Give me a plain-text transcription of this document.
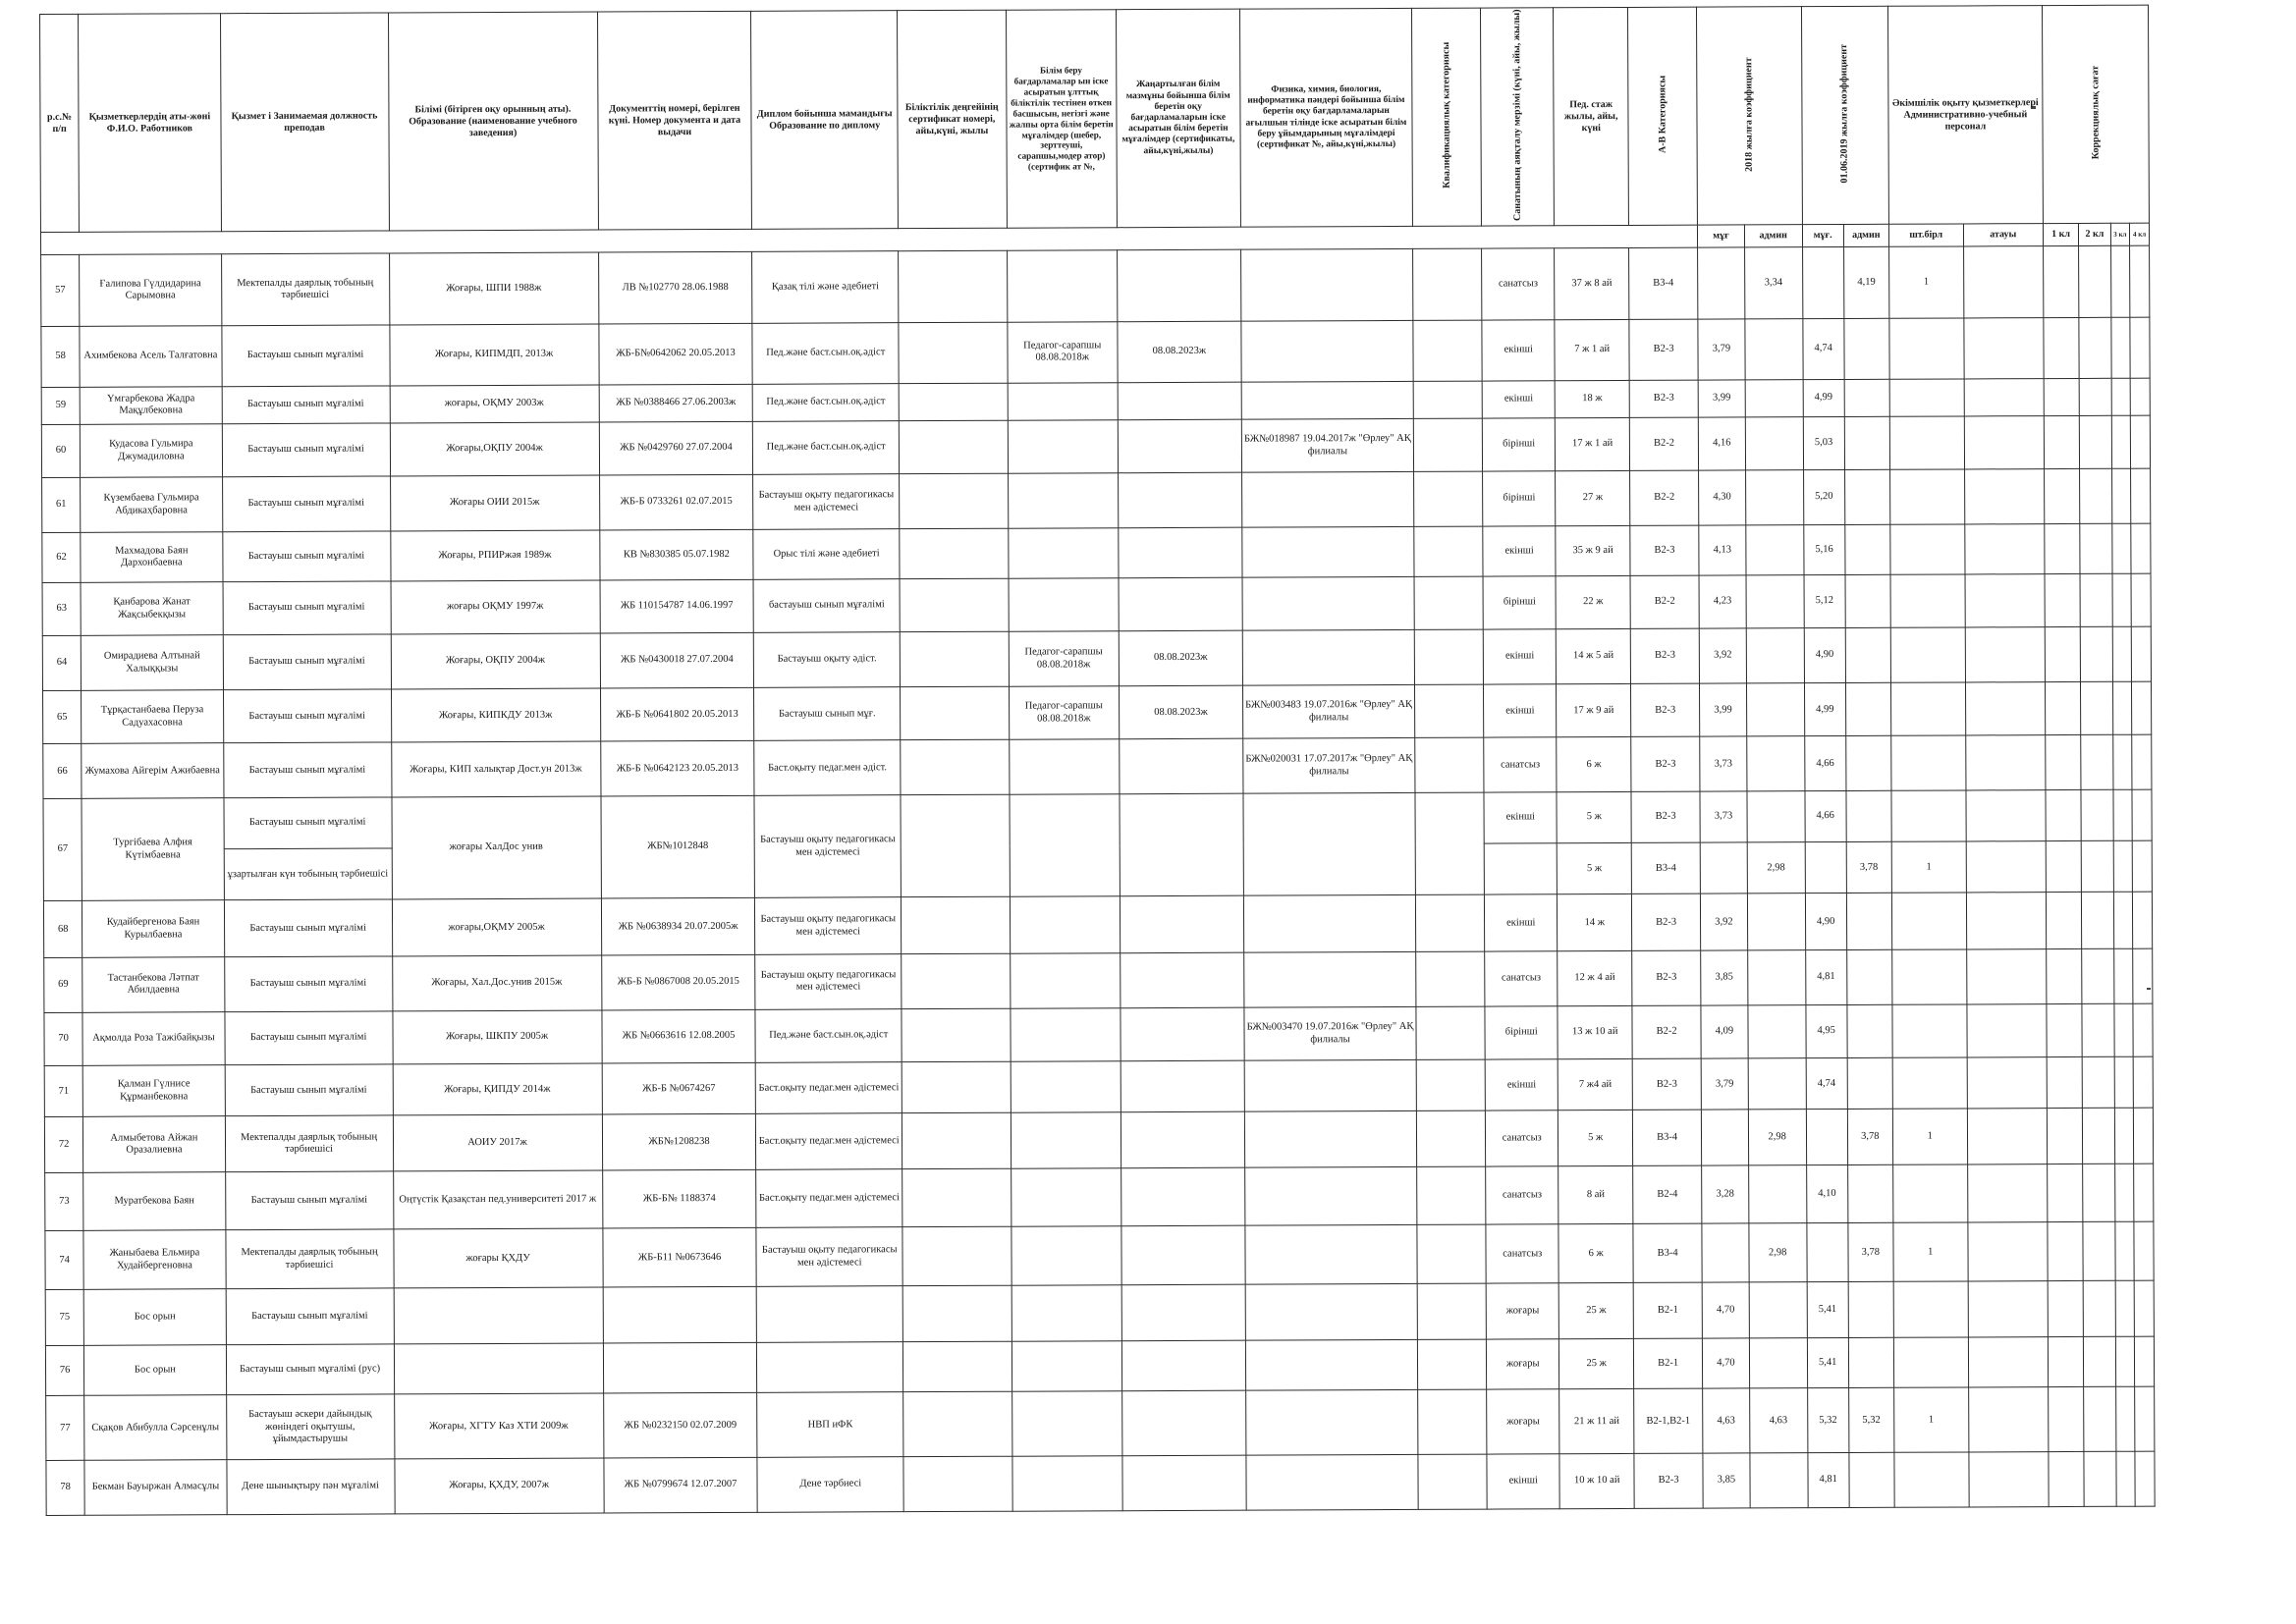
р.с.№ п/п	Қызметкерлердің аты-жөні Ф.И.О. Работников	Қызмет і Занимаемая должность преподав	Білімі (бітірген оқу орынның аты). Образование (наименование учебного заведения)	Документтің номері, берілген күні. Номер документа и дата выдачи	Диплом бойынша мамандығы Образование по диплому	Біліктілік деңгейінің сертификат номері, айы,күні, жылы	Білім беру бағдарламалар ын іске асыратын ұлттық біліктілік тестінен өткен басшысын, негізгі және жалпы орта білім беретін мұғалімдер (шебер, зерттеуші, сарапшы,модер атор)(сертифик ат №,	Жаңартылған білім мазмұны бойынша білім беретін оқу бағдарламаларын іске асыратын білім беретін мұғалімдер (сертификаты, айы,күні,жылы)	Физика, химия, биология, информатика пәндері бойынша білім беретін оқу бағдарламаларын ағылшын тілінде іске асыратын білім беру ұйымдарының мұғалімдері (сертификат №, айы,күні,жылы)	Квалификациялық категориясы	Санатының аяқталу мерзімі (күні, айы, жылы)	Пед. стаж жылы, айы, күні	А-В Категориясы	2018 жылға коэффициент		01.06.2019 жылға коэффициент		Әкімшілік оқыту қызметкерлері Административно-учебный персонал		Коррекциялық сағат			
														мұғ	админ	мұғ.	админ	шт.бірл	атауы	1 кл	2 кл	3 кл	4 кл
57	Ғалипова Гүлдидарина Сарымовна	Мектепалды даярлық тобының тәрбиешісі	Жоғары, ШПИ 1988ж	ЛВ №102770 28.06.1988	Қазақ тілі және әдебиеті						санатсыз	37 ж 8 ай	В3-4		3,34		4,19	1					
58	Ахимбекова Асель Талғатовна	Бастауыш сынып мұғалімі	Жоғары, КИПМДП, 2013ж	ЖБ-Б№0642062 20.05.2013	Пед.және баст.сын.оқ.әдіст		Педагог-сарапшы 08.08.2018ж	08.08.2023ж			екінші	7 ж 1 ай	В2-3	3,79		4,74							
59	Үмгарбекова Жадра Мақұлбековна	Бастауыш сынып мұғалімі	жоғары, ОҚМУ 2003ж	ЖБ №0388466 27.06.2003ж	Пед.және баст.сын.оқ.әдіст						екінші	18 ж	В2-3	3,99		4,99							
60	Кудасова Гульмира Джумадиловна	Бастауыш сынып мұғалімі	Жоғары,ОҚПУ 2004ж	ЖБ №0429760 27.07.2004	Пед.және баст.сын.оқ.әдіст				БЖ№018987 19.04.2017ж "Өрлеу" АҚ филиалы		бірінші	17 ж 1 ай	В2-2	4,16		5,03							
61	Күзембаева Гульмира Абдикаҳбаровна	Бастауыш сынып мұғалімі	Жоғары ОИИ 2015ж	ЖБ-Б 0733261 02.07.2015	Бастауыш оқыту педагогикасы мен әдістемесі						бірінші	27 ж	В2-2	4,30		5,20							
62	Махмадова Баян Дархонбаевна	Бастауыш сынып мұғалімі	Жоғары, РПИРжәя 1989ж	КВ №830385 05.07.1982	Орыс тілі және әдебиеті						екінші	35 ж 9 ай	В2-3	4,13		5,16							
63	Қанбарова Жанат Жақсыбекқызы	Бастауыш сынып мұғалімі	жоғары ОҚМУ 1997ж	ЖБ 110154787 14.06.1997	бастауыш сынып мұғалімі						бірінші	22 ж	В2-2	4,23		5,12							
64	Омирадиева Алтынай Халыққызы	Бастауыш сынып мұғалімі	Жоғары, ОҚПУ 2004ж	ЖБ №0430018 27.07.2004	Бастауыш оқыту әдіст.		Педагог-сарапшы 08.08.2018ж	08.08.2023ж			екінші	14 ж 5 ай	В2-3	3,92		4,90							
65	Тұрқастанбаева Перуза Садуахасовна	Бастауыш сынып мұғалімі	Жоғары, КИПКДУ 2013ж	ЖБ-Б №0641802 20.05.2013	Бастауыш сынып мұғ.		Педагог-сарапшы 08.08.2018ж	08.08.2023ж	БЖ№003483 19.07.2016ж "Өрлеу" АҚ филиалы		екінші	17 ж 9 ай	В2-3	3,99		4,99							
66	Жумахова Айгерім Ажибаевна	Бастауыш сынып мұғалімі	Жоғары, КИП халықтар Дост.ун 2013ж	ЖБ-Б №0642123 20.05.2013	Баст.оқыту педаг.мен әдіст.				БЖ№020031 17.07.2017ж "Өрлеу" АҚ филиалы		санатсыз	6 ж	В2-3	3,73		4,66							
67	Тургібаева Алфия Күтімбаевна	Бастауыш сынып мұғалімі	жоғары ХалДос унив	ЖБ№1012848	Бастауыш оқыту педагогикасы мен әдістемесі						екінші	5 ж	В2-3	3,73		4,66							
		ұзартылған күн тобының тәрбиешісі										5 ж	В3-4		2,98		3,78	1					
68	Кудайбергенова Баян Курылбаевна	Бастауыш сынып мұғалімі	жоғары,ОҚМУ 2005ж	ЖБ №0638934 20.07.2005ж	Бастауыш оқыту педагогикасы мен әдістемесі						екінші	14 ж	В2-3	3,92		4,90							
69	Тастанбекова Ләтпат Абилдаевна	Бастауыш сынып мұғалімі	Жоғары, Хал.Дос.унив 2015ж	ЖБ-Б №0867008 20.05.2015	Бастауыш оқыту педагогикасы мен әдістемесі						санатсыз	12 ж 4 ай	В2-3	3,85		4,81							
70	Ақмолда Роза Тажібайқызы	Бастауыш сынып мұғалімі	Жоғары, ШКПУ 2005ж	ЖБ №0663616 12.08.2005	Пед.және баст.сын.оқ.әдіст				БЖ№003470 19.07.2016ж "Өрлеу" АҚ филиалы		бірінші	13 ж 10 ай	В2-2	4,09		4,95							
71	Қалман Гүлнисе Құрманбековна	Бастауыш сынып мұғалімі	Жоғары, ҚИПДУ 2014ж	ЖБ-Б №0674267	Баст.оқыту педаг.мен әдістемесі						екінші	7 ж4 ай	В2-3	3,79		4,74							
72	Алмыбетова Айжан Оразалиевна	Мектепалды даярлық тобының тәрбиешісі	АОИУ 2017ж	ЖБ№1208238	Баст.оқыту педаг.мен әдістемесі						санатсыз	5 ж	В3-4		2,98		3,78	1					
73	Муратбекова Баян	Бастауыш сынып мұғалімі	Оңтүстік Қазақстан пед.университеті 2017 ж	ЖБ-Б№ 1188374	Баст.оқыту педаг.мен әдістемесі						санатсыз	8 ай	В2-4	3,28		4,10							
74	Жаныбаева Ельмира Худайбергеновна	Мектепалды даярлық тобының тәрбиешісі	жоғары ҚХДУ	ЖБ-Б11 №0673646	Бастауыш оқыту педагогикасы мен әдістемесі						санатсыз	6 ж	В3-4		2,98		3,78	1					
75	Бос орын	Бастауыш сынып мұғалімі									жоғары	25 ж	В2-1	4,70		5,41							
76	Бос орын	Бастауыш сынып мұғалімі (рус)									жоғары	25 ж	В2-1	4,70		5,41							
77	Сқақов Абибулла Сәрсенұлы	Бастауыш әскери дайындық жөніндегі оқытушы, ұйымдастырушы	Жоғары, ХГТУ Каз ХТИ 2009ж	ЖБ №0232150 02.07.2009	НВП иФК						жоғары	21 ж 11 ай	В2-1,В2-1	4,63	4,63	5,32	5,32	1					
78	Бекман Бауыржан Алмасұлы	Дене шынықтыру пән мұғалімі	Жоғары, ҚХДУ, 2007ж	ЖБ №0799674 12.07.2007	Дене тәрбиесі						екінші	10 ж 10 ай	В2-3	3,85		4,81							
